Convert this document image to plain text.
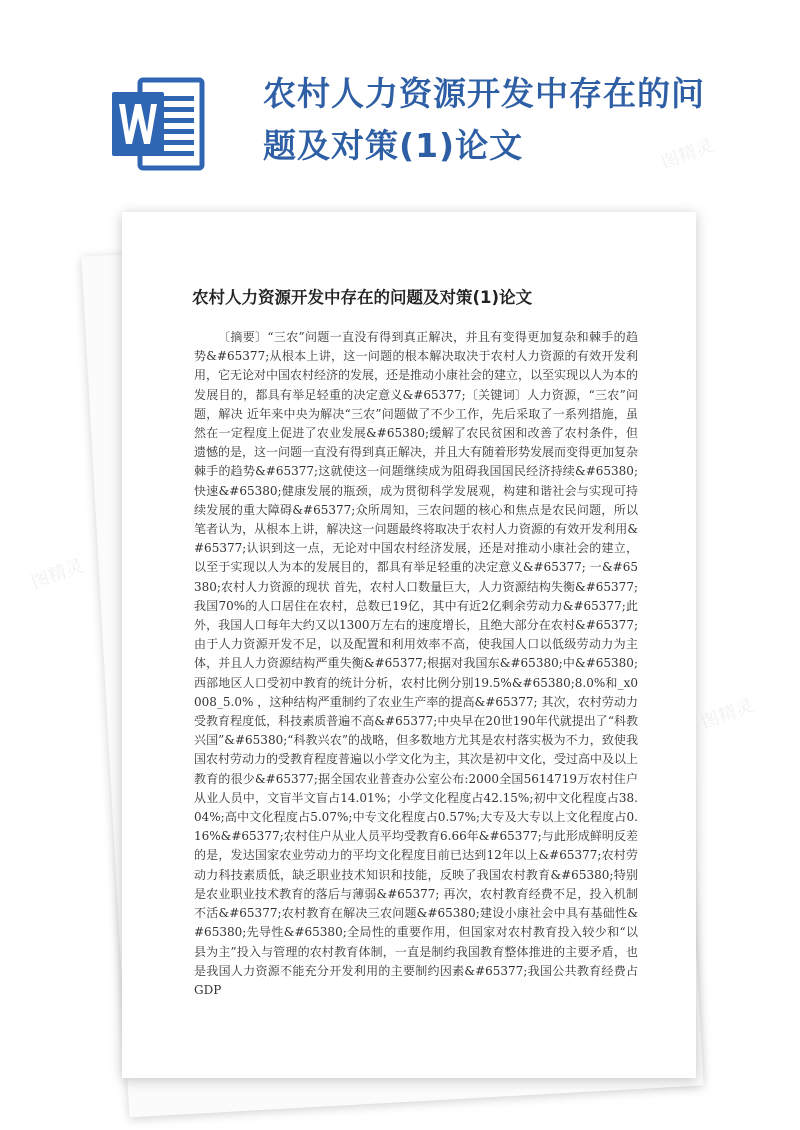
农村人力资源开发中存在的问题及对策(1)论文
农村人力资源开发中存在的问题及对策(1)论文

〔摘要〕“三农”问题一直没有得到真正解决，并且有变得更加复杂和棘手的趋势&#65377;从根本上讲，这一问题的根本解决取决于农村人力资源的有效开发利用，它无论对中国农村经济的发展，还是推动小康社会的建立，以至实现以人为本的发展目的，都具有举足轻重的决定意义&#65377;〔关键词〕人力资源，“三农”问题，解决 近年来中央为解决“三农”问题做了不少工作，先后采取了一系列措施，虽然在一定程度上促进了农业发展&#65380;缓解了农民贫困和改善了农村条件，但遗憾的是，这一问题一直没有得到真正解决，并且大有随着形势发展而变得更加复杂棘手的趋势&#65377;这就使这一问题继续成为阻碍我国国民经济持续&#65380;快速&#65380;健康发展的瓶颈，成为贯彻科学发展观，构建和谐社会与实现可持续发展的重大障碍&#65377;众所周知，三农问题的核心和焦点是农民问题，所以笔者认为，从根本上讲，解决这一问题最终将取决于农村人力资源的有效开发利用&#65377;认识到这一点，无论对中国农村经济发展，还是对推动小康社会的建立，以至于实现以人为本的发展目的，都具有举足轻重的决定意义&#65377; 一&#65380;农村人力资源的现状 首先，农村人口数量巨大，人力资源结构失衡&#65377;我国70%的人口居住在农村，总数已19亿，其中有近2亿剩余劳动力&#65377;此外，我国人口每年大约又以1300万左右的速度增长，且绝大部分在农村&#65377;由于人力资源开发不足，以及配置和利用效率不高，使我国人口以低级劳动力为主体，并且人力资源结构严重失衡&#65377;根据对我国东&#65380;中&#65380;西部地区人口受初中教育的统计分析，农村比例分别19.5%&#65380;8.0%和_x0008_5.0% ，这种结构严重制约了农业生产率的提高&#65377; 其次，农村劳动力受教育程度低，科技素质普遍不高&#65377;中央早在20世190年代就提出了“科教兴国”&#65380;“科教兴农”的战略，但多数地方尤其是农村落实极为不力，致使我国农村劳动力的受教育程度普遍以小学文化为主，其次是初中文化，受过高中及以上教育的很少&#65377;据全国农业普查办公室公布:2000全国5614719万农村住户从业人员中，文盲半文盲占14.01%；小学文化程度占42.15%;初中文化程度占38.04%;高中文化程度占5.07%;中专文化程度占0.57%;大专及大专以上文化程度占0.16%&#65377;农村住户从业人员平均受教育6.66年&#65377;与此形成鲜明反差的是，发达国家农业劳动力的平均文化程度目前已达到12年以上&#65377;农村劳动力科技素质低，缺乏职业技术知识和技能，反映了我国农村教育&#65380;特别是农业职业技术教育的落后与薄弱&#65377; 再次，农村教育经费不足，投入机制不活&#65377;农村教育在解决三农问题&#65380;建设小康社会中具有基础性&#65380;先导性&#65380;全局性的重要作用，但国家对农村教育投入较少和“以县为主”投入与管理的农村教育体制，一直是制约我国教育整体推进的主要矛盾，也是我国人力资源不能充分开发利用的主要制约因素&#65377;我国公共教育经费占GDP

图精灵
图精灵
图精灵
